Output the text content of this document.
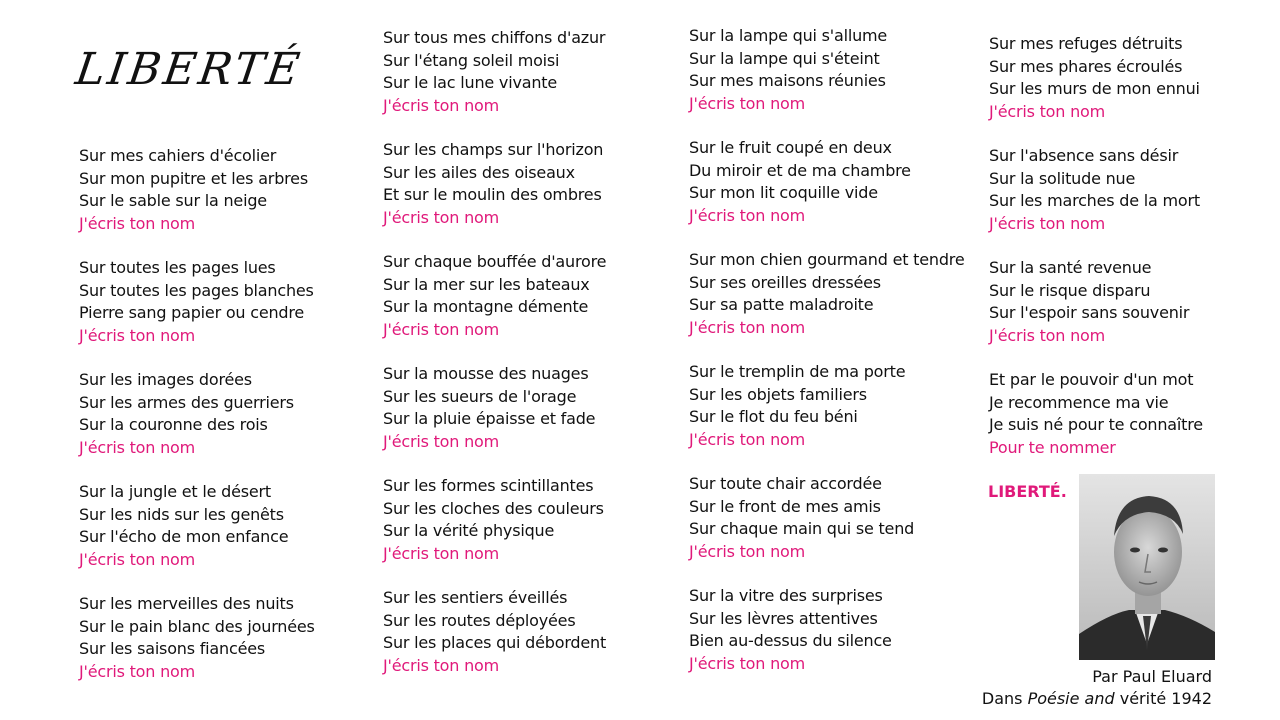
LIBERTÉ
Sur mes cahiers d'écolier
Sur mon pupitre et les arbres
Sur le sable sur la neige
J'écris ton nom
Sur toutes les pages lues
Sur toutes les pages blanches
Pierre sang papier ou cendre
J'écris ton nom
Sur les images dorées
Sur les armes des guerriers
Sur la couronne des rois
J'écris ton nom
Sur la jungle et le désert
Sur les nids sur les genêts
Sur l'écho de mon enfance
J'écris ton nom
Sur les merveilles des nuits
Sur le pain blanc des journées
Sur les saisons fiancées
J'écris ton nom
Sur tous mes chiffons d'azur
Sur l'étang soleil moisi
Sur le lac lune vivante
J'écris ton nom
Sur les champs sur l'horizon
Sur les ailes des oiseaux
Et sur le moulin des ombres
J'écris ton nom
Sur chaque bouffée d'aurore
Sur la mer sur les bateaux
Sur la montagne démente
J'écris ton nom
Sur la mousse des nuages
Sur les sueurs de l'orage
Sur la pluie épaisse et fade
J'écris ton nom
Sur les formes scintillantes
Sur les cloches des couleurs
Sur la vérité physique
J'écris ton nom
Sur les sentiers éveillés
Sur les routes déployées
Sur les places qui débordent
J'écris ton nom
Sur la lampe qui s'allume
Sur la lampe qui s'éteint
Sur mes maisons réunies
J'écris ton nom
Sur le fruit coupé en deux
Du miroir et de ma chambre
Sur mon lit coquille vide
J'écris ton nom
Sur mon chien gourmand et tendre
Sur ses oreilles dressées
Sur sa patte maladroite
J'écris ton nom
Sur le tremplin de ma porte
Sur les objets familiers
Sur le flot du feu béni
J'écris ton nom
Sur toute chair accordée
Sur le front de mes amis
Sur chaque main qui se tend
J'écris ton nom
Sur la vitre des surprises
Sur les lèvres attentives
Bien au-dessus du silence
J'écris ton nom
Sur mes refuges détruits
Sur mes phares écroulés
Sur les murs de mon ennui
J'écris ton nom
Sur l'absence sans désir
Sur la solitude nue
Sur les marches de la mort
J'écris ton nom
Sur la santé revenue
Sur le risque disparu
Sur l'espoir sans souvenir
J'écris ton nom
Et par le pouvoir d'un mot
Je recommence ma vie
Je suis né pour te connaître
Pour te nommer
LIBERTÉ.
Par Paul Eluard
Dans Poésie and vérité 1942
